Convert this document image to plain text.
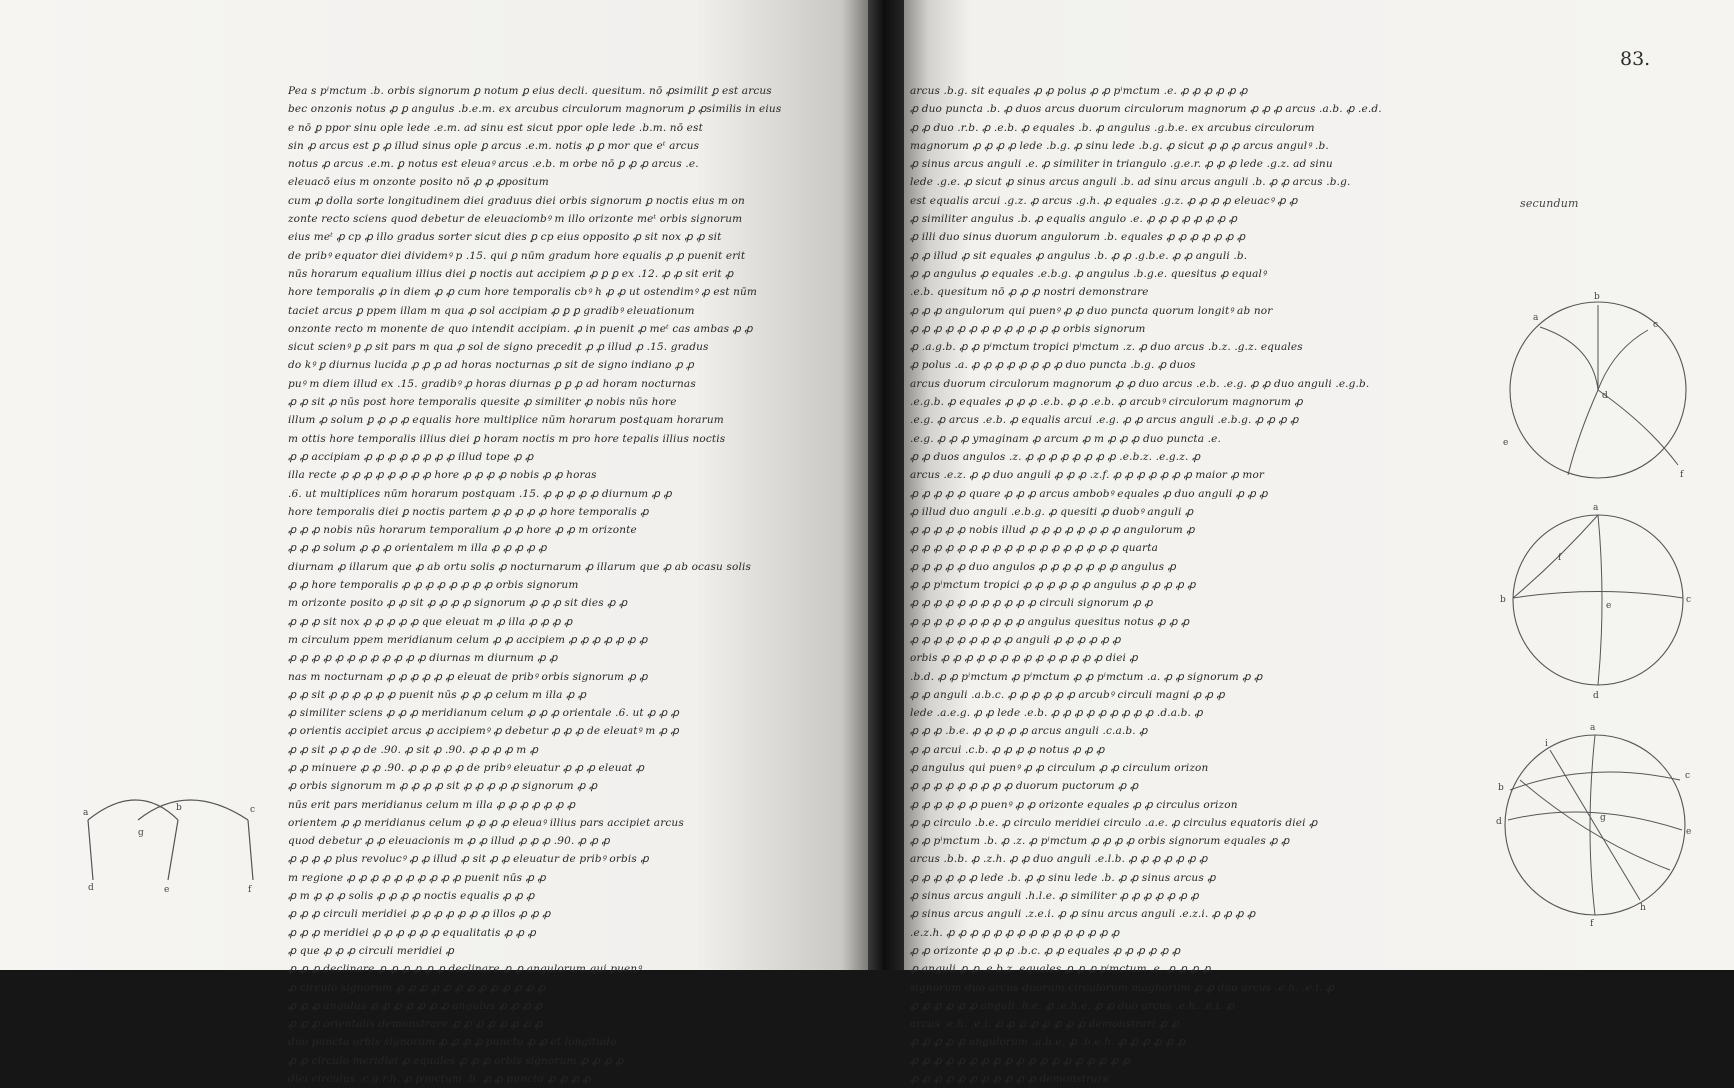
Pea s pⁱmctum .b. orbis signorum ꝑ notum ꝑ eius decli. quesitum. nō ꝓsimilit ꝑ est arcus

bec onzonis notus ꝓ ꝑ angulus .b.e.m. ex arcubus circulorum magnorum ꝑ ꝓsimilis in eius

e nō ꝑ ppor sinu ople lede .e.m. ad sinu est sicut ppor ople lede .b.m. nō est

sin ꝓ arcus est ꝑ ꝓ illud sinus ople ꝑ arcus .e.m. notis ꝓ ꝑ mor que eᵗ arcus

notus ꝓ arcus .e.m. ꝑ notus est eleuaꝰ arcus .e.b. m orbe nō ꝑ ꝓ ꝓ arcus .e.

eleuacō eius m onzonte posito nō ꝓ ꝓ ꝓpositum

cum ꝓ dolla sorte longitudinem diei graduus diei orbis signorum ꝑ noctis eius m on

zonte recto sciens quod debetur de eleuaciombꝰ m illo orizonte meᵗ orbis signorum

eius meᵗ ꝓ cp ꝓ illo gradus sorter sicut dies ꝑ cp eius opposito ꝓ sit nox ꝓ ꝓ sit

de pribꝰ equator diei dividemꝰ p .15. qui ꝑ nūm gradum hore equalis ꝓ ꝓ puenit erit

nūs horarum equalium illius diei ꝑ noctis aut accipiem ꝓ ꝑ ꝑ ex .12. ꝓ ꝓ sit erit ꝓ

hore temporalis ꝓ in diem ꝓ ꝓ cum hore temporalis cbꝰ h ꝓ ꝓ ut ostendimꝰ ꝓ est nūm

taciet arcus ꝑ ppem illam m qua ꝓ sol accipiam ꝓ ꝑ ꝑ gradibꝰ eleuationum

onzonte recto m monente de quo intendit accipiam. ꝓ in puenit ꝓ meᵗ cas ambas ꝓ ꝓ

sicut scienꝰ ꝑ ꝓ sit pars m qua ꝓ sol de signo precedit ꝓ ꝓ illud ꝓ .15. gradus

do kꝰ ꝑ diurnus lucida ꝓ ꝓ ꝓ ad horas nocturnas ꝓ sit de signo indiano ꝓ ꝓ

puꝰ m diem illud ex .15. gradibꝰ ꝓ horas diurnas ꝑ ꝑ ꝓ ad horam nocturnas

ꝓ ꝓ sit ꝓ nūs post hore temporalis quesite ꝓ similiter ꝓ nobis nūs hore

illum ꝓ solum ꝑ ꝓ ꝓ ꝓ equalis hore multiplice nūm horarum postquam horarum

m ottis hore temporalis illius diei ꝑ horam noctis m pro hore tepalis illius noctis

ꝓ ꝓ accipiam ꝓ ꝓ ꝓ ꝓ ꝓ ꝓ ꝓ ꝓ illud tope ꝓ ꝓ

illa recte ꝓ ꝓ ꝓ ꝓ ꝓ ꝓ ꝓ ꝓ hore ꝓ ꝓ ꝓ ꝓ nobis ꝓ ꝓ horas

.6. ut multiplices nūm horarum postquam .15. ꝓ ꝓ ꝓ ꝓ ꝓ diurnum ꝓ ꝓ

hore temporalis diei ꝑ noctis partem ꝓ ꝓ ꝓ ꝓ ꝓ hore temporalis ꝓ

ꝓ ꝓ ꝓ nobis nūs horarum temporalium ꝓ ꝓ hore ꝓ ꝓ m orizonte

ꝓ ꝓ ꝓ solum ꝓ ꝓ ꝓ orientalem m illa ꝓ ꝓ ꝓ ꝓ ꝓ

diurnam ꝓ illarum que ꝓ ab ortu solis ꝓ nocturnarum ꝓ illarum que ꝓ ab ocasu solis

ꝓ ꝓ hore temporalis ꝓ ꝓ ꝓ ꝓ ꝓ ꝓ ꝓ ꝓ orbis signorum

m orizonte posito ꝓ ꝓ sit ꝓ ꝓ ꝓ ꝓ signorum ꝓ ꝓ ꝓ sit dies ꝓ ꝓ

ꝓ ꝓ ꝓ sit nox ꝓ ꝓ ꝓ ꝓ ꝓ que eleuat m ꝓ illa ꝓ ꝓ ꝓ ꝓ

m circulum ppem meridianum celum ꝓ ꝓ accipiem ꝓ ꝓ ꝓ ꝓ ꝓ ꝓ ꝓ

ꝓ ꝓ ꝓ ꝓ ꝓ ꝓ ꝓ ꝓ ꝓ ꝓ ꝓ ꝓ diurnas m diurnum ꝓ ꝓ

nas m nocturnam ꝓ ꝓ ꝓ ꝓ ꝓ ꝓ eleuat de pribꝰ orbis signorum ꝓ ꝓ

ꝓ ꝓ sit ꝓ ꝓ ꝓ ꝓ ꝓ ꝓ puenit nūs ꝓ ꝓ ꝓ celum m illa ꝓ ꝓ

ꝓ similiter sciens ꝓ ꝓ ꝓ meridianum celum ꝓ ꝓ ꝓ orientale .6. ut ꝓ ꝓ ꝓ

ꝓ orientis accipiet arcus ꝓ accipiemꝰ ꝓ debetur ꝓ ꝓ ꝓ de eleuatꝰ m ꝓ ꝓ

ꝓ ꝓ sit ꝓ ꝓ ꝓ de .90. ꝓ sit ꝓ .90. ꝓ ꝓ ꝓ ꝓ m ꝓ

ꝓ ꝓ minuere ꝓ ꝓ .90. ꝓ ꝓ ꝓ ꝓ ꝓ de pribꝰ eleuatur ꝓ ꝓ ꝓ eleuat ꝓ

ꝓ orbis signorum m ꝓ ꝓ ꝓ ꝓ sit ꝓ ꝓ ꝓ ꝓ ꝓ signorum ꝓ ꝓ

nūs erit pars meridianus celum m illa ꝓ ꝓ ꝓ ꝓ ꝓ ꝓ ꝓ

orientem ꝓ ꝓ meridianus celum ꝓ ꝓ ꝓ ꝓ eleuaꝰ illius pars accipiet arcus

quod debetur ꝓ ꝓ eleuacionis m ꝓ ꝓ illud ꝓ ꝓ ꝓ .90. ꝓ ꝓ ꝓ

ꝓ ꝓ ꝓ ꝓ plus revolucꝰ ꝓ ꝓ illud ꝓ sit ꝓ ꝓ eleuatur de pribꝰ orbis ꝓ

m regione ꝓ ꝓ ꝓ ꝓ ꝓ ꝓ ꝓ ꝓ ꝓ ꝓ puenit nūs ꝓ ꝓ

ꝓ m ꝓ ꝓ ꝓ solis ꝓ ꝓ ꝓ ꝓ noctis equalis ꝓ ꝓ ꝓ

ꝓ ꝓ ꝓ circuli meridiei ꝓ ꝓ ꝓ ꝓ ꝓ ꝓ ꝓ illos ꝓ ꝓ ꝓ

ꝓ ꝓ ꝓ meridiei ꝓ ꝓ ꝓ ꝓ ꝓ ꝓ equalitatis ꝓ ꝓ ꝓ

ꝓ que ꝓ ꝓ ꝓ circuli meridiei ꝓ

ꝓ ꝓ ꝓ declinare ꝓ ꝓ ꝓ ꝓ ꝓ ꝓ declinare ꝓ ꝓ angulorum qui puenꝰ

ꝓ circulo signorum ꝓ ꝓ ꝓ ꝓ ꝓ ꝓ ꝓ ꝓ ꝓ ꝓ ꝓ ꝓ ꝓ

ꝓ ꝓ ꝓ angulus ꝓ ꝓ ꝓ ꝓ ꝓ ꝓ ꝓ angulus ꝓ ꝓ ꝓ ꝓ

ꝓ ꝓ ꝓ orientalis demonstrare ꝓ ꝓ ꝓ ꝓ ꝓ ꝓ ꝓ ꝓ

duo puncta orbis signorum ꝓ ꝓ ꝓ ꝓ puncto ꝓ ꝓ et longitudo

ꝓ ꝓ circulo meridiei ꝓ equales ꝓ ꝓ ꝓ orbis signorum ꝓ ꝓ ꝓ ꝓ

diei circulus .c.g.r.h. ꝓ pⁱmctum .b. ꝓ ꝓ puncta ꝓ ꝓ ꝓ ꝓ

a	b	c
d	e	f
g
83.

arcus .b.g. sit equales ꝓ ꝓ polus ꝓ ꝓ pⁱmctum .e. ꝓ ꝓ ꝓ ꝓ ꝓ ꝓ

ꝓ duo puncta .b. ꝓ duos arcus duorum circulorum magnorum ꝓ ꝓ ꝓ arcus .a.b. ꝓ .e.d.

ꝓ ꝓ duo .r.b. ꝓ .e.b. ꝓ equales .b. ꝓ angulus .g.b.e. ex arcubus circulorum

magnorum ꝓ ꝓ ꝓ ꝓ lede .b.g. ꝓ sinu lede .b.g. ꝓ sicut ꝓ ꝓ ꝓ arcus angulꝰ .b.

ꝓ sinus arcus anguli .e. ꝓ similiter in triangulo .g.e.r. ꝓ ꝓ ꝓ lede .g.z. ad sinu

lede .g.e. ꝓ sicut ꝓ sinus arcus anguli .b. ad sinu arcus anguli .b. ꝓ ꝓ arcus .b.g.

est equalis arcui .g.z. ꝓ arcus .g.h. ꝓ equales .g.z. ꝓ ꝓ ꝓ ꝓ eleuacꝰ ꝓ ꝓ

ꝓ similiter angulus .b. ꝓ equalis angulo .e. ꝓ ꝓ ꝓ ꝓ ꝓ ꝓ ꝓ ꝓ

ꝓ illi duo sinus duorum angulorum .b. equales ꝓ ꝓ ꝓ ꝓ ꝓ ꝓ ꝓ

ꝓ ꝓ illud ꝓ sit equales ꝓ angulus .b. ꝓ ꝓ .g.b.e. ꝓ ꝓ anguli .b.

ꝓ ꝓ angulus ꝓ equales .e.b.g. ꝓ angulus .b.g.e. quesitus ꝓ equalꝰ

.e.b. quesitum nō ꝓ ꝓ ꝓ nostri demonstrare

ꝓ ꝓ ꝓ angulorum qui puenꝰ ꝓ ꝓ duo puncta quorum longitꝰ ab nor

ꝓ ꝓ ꝓ ꝓ ꝓ ꝓ ꝓ ꝓ ꝓ ꝓ ꝓ ꝓ ꝓ orbis signorum

ꝓ .a.g.b. ꝓ ꝓ pⁱmctum tropici pⁱmctum .z. ꝓ duo arcus .b.z. .g.z. equales

ꝓ polus .a. ꝓ ꝓ ꝓ ꝓ ꝓ ꝓ ꝓ ꝓ duo puncta .b.g. ꝓ duos

arcus duorum circulorum magnorum ꝓ ꝓ duo arcus .e.b. .e.g. ꝓ ꝓ duo anguli .e.g.b.

.e.g.b. ꝓ equales ꝓ ꝓ ꝓ .e.b. ꝓ ꝓ .e.b. ꝓ arcubꝰ circulorum magnorum ꝓ

.e.g. ꝓ arcus .e.b. ꝓ equalis arcui .e.g. ꝓ ꝓ arcus anguli .e.b.g. ꝓ ꝓ ꝓ ꝓ

.e.g. ꝓ ꝓ ꝓ ymaginam ꝓ arcum ꝓ m ꝓ ꝓ ꝓ duo puncta .e.

ꝓ ꝓ duos angulos .z. ꝓ ꝓ ꝓ ꝓ ꝓ ꝓ ꝓ ꝓ .e.b.z. .e.g.z. ꝓ

arcus .e.z. ꝓ ꝓ duo anguli ꝓ ꝓ ꝓ .z.f. ꝓ ꝓ ꝓ ꝓ ꝓ ꝓ ꝓ maior ꝓ mor

ꝓ ꝓ ꝓ ꝓ ꝓ quare ꝓ ꝓ ꝓ arcus ambobꝰ equales ꝓ duo anguli ꝓ ꝓ ꝓ

ꝓ illud duo anguli .e.b.g. ꝓ quesiti ꝓ duobꝰ anguli ꝓ

ꝓ ꝓ ꝓ ꝓ ꝓ nobis illud ꝓ ꝓ ꝓ ꝓ ꝓ ꝓ ꝓ ꝓ angulorum ꝓ

ꝓ ꝓ ꝓ ꝓ ꝓ ꝓ ꝓ ꝓ ꝓ ꝓ ꝓ ꝓ ꝓ ꝓ ꝓ ꝓ ꝓ ꝓ quarta

ꝓ ꝓ ꝓ ꝓ ꝓ duo angulos ꝓ ꝓ ꝓ ꝓ ꝓ ꝓ ꝓ angulus ꝓ

ꝓ ꝓ pⁱmctum tropici ꝓ ꝓ ꝓ ꝓ ꝓ ꝓ angulus ꝓ ꝓ ꝓ ꝓ ꝓ

ꝓ ꝓ ꝓ ꝓ ꝓ ꝓ ꝓ ꝓ ꝓ ꝓ ꝓ circuli signorum ꝓ ꝓ

ꝓ ꝓ ꝓ ꝓ ꝓ ꝓ ꝓ ꝓ ꝓ ꝓ angulus quesitus notus ꝓ ꝓ ꝓ

ꝓ ꝓ ꝓ ꝓ ꝓ ꝓ ꝓ ꝓ ꝓ anguli ꝓ ꝓ ꝓ ꝓ ꝓ ꝓ

orbis ꝓ ꝓ ꝓ ꝓ ꝓ ꝓ ꝓ ꝓ ꝓ ꝓ ꝓ ꝓ ꝓ ꝓ diei ꝓ

.b.d. ꝓ ꝓ pⁱmctum ꝓ pⁱmctum ꝓ ꝓ pⁱmctum .a. ꝓ ꝓ signorum ꝓ ꝓ

ꝓ ꝓ anguli .a.b.c. ꝓ ꝓ ꝓ ꝓ ꝓ ꝓ arcubꝰ circuli magni ꝓ ꝓ ꝓ

lede .a.e.g. ꝓ ꝓ lede .e.b. ꝓ ꝓ ꝓ ꝓ ꝓ ꝓ ꝓ ꝓ ꝓ .d.a.b. ꝓ

ꝓ ꝓ ꝓ .b.e. ꝓ ꝓ ꝓ ꝓ ꝓ arcus anguli .c.a.b. ꝓ

ꝓ ꝓ arcui .c.b. ꝓ ꝓ ꝓ ꝓ notus ꝓ ꝓ ꝓ

ꝓ angulus qui puenꝰ ꝓ ꝓ circulum ꝓ ꝓ circulum orizon

ꝓ ꝓ ꝓ ꝓ ꝓ ꝓ ꝓ ꝓ ꝓ duorum puctorum ꝓ ꝓ

ꝓ ꝓ ꝓ ꝓ ꝓ ꝓ puenꝰ ꝓ ꝓ orizonte equales ꝓ ꝓ circulus orizon

ꝓ ꝓ circulo .b.e. ꝓ circulo meridiei circulo .a.e. ꝓ circulus equatoris diei ꝓ

ꝓ ꝓ pⁱmctum .b. ꝓ .z. ꝓ pⁱmctum ꝓ ꝓ ꝓ ꝓ orbis signorum equales ꝓ ꝓ

arcus .b.b. ꝓ .z.h. ꝓ ꝓ duo anguli .e.l.b. ꝓ ꝓ ꝓ ꝓ ꝓ ꝓ ꝓ

ꝓ ꝓ ꝓ ꝓ ꝓ ꝓ lede .b. ꝓ ꝓ sinu lede .b. ꝓ ꝓ sinus arcus ꝓ

ꝓ sinus arcus anguli .h.l.e. ꝓ similiter ꝓ ꝓ ꝓ ꝓ ꝓ ꝓ ꝓ

ꝓ sinus arcus anguli .z.e.i. ꝓ ꝓ sinu arcus anguli .e.z.i. ꝓ ꝓ ꝓ ꝓ

.e.z.h. ꝓ ꝓ ꝓ ꝓ ꝓ ꝓ ꝓ ꝓ ꝓ ꝓ ꝓ ꝓ ꝓ ꝓ ꝓ

ꝓ ꝓ orizonte ꝓ ꝓ ꝓ .b.c. ꝓ ꝓ equales ꝓ ꝓ ꝓ ꝓ ꝓ ꝓ

ꝓ anguli ꝓ ꝓ .e.b.z. equales ꝓ ꝓ ꝓ pⁱmctum .e. ꝓ ꝓ ꝓ ꝓ

signorum duo arcus duorum circulorum magnorum ꝓ ꝓ duo arcus .e.h. .e.i. ꝓ

ꝓ ꝓ ꝓ ꝓ ꝓ ꝓ anguli .h.e. ꝓ .e.h.e. ꝓ ꝓ duo arcus .e.h. .e.i. ꝓ

arcus .e.h. .e.i. ꝓ ꝓ ꝓ ꝓ ꝓ ꝓ ꝓ ꝓ demonstrari ꝓ ꝓ

ꝓ ꝓ ꝓ ꝓ ꝓ angulorum .a.b.e. ꝓ .b.e.h. ꝓ ꝓ ꝓ ꝓ ꝓ ꝓ

ꝓ ꝓ ꝓ ꝓ ꝓ ꝓ ꝓ ꝓ ꝓ ꝓ ꝓ ꝓ ꝓ ꝓ ꝓ ꝓ ꝓ ꝓ ꝓ

ꝓ ꝓ ꝓ ꝓ ꝓ ꝓ ꝓ ꝓ ꝓ ꝓ ꝓ demonstrare

secundum
a
b
c
d
e
f
a
b	c
d
e
f
a
b
c
d
e
f
g
h
i
